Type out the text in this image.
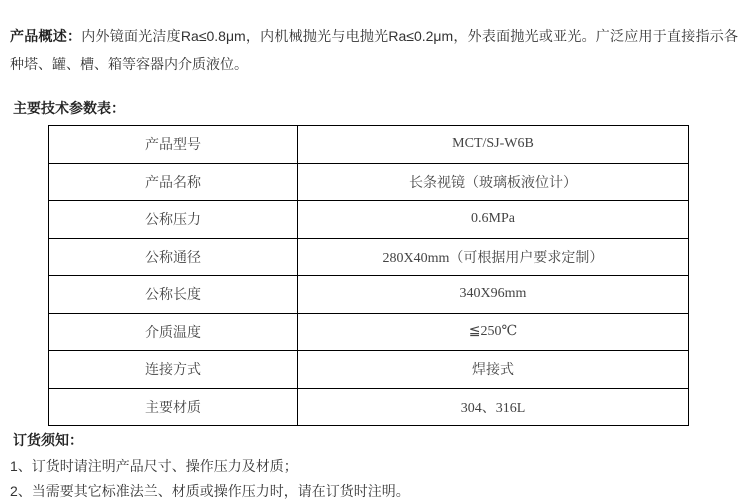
产品概述：内外镜面光洁度Ra≤0.8μm，内机械抛光与电抛光Ra≤0.2μm，外表面抛光或亚光。广泛应用于直接指示各种塔、罐、槽、箱等容器内介质液位。

主要技术参数表：
产品型号	MCT/SJ-W6B
产品名称	长条视镜（玻璃板液位计）
公称压力	0.6MPa
公称通径	280X40mm（可根据用户要求定制）
公称长度	340X96mm
介质温度	≦250℃
连接方式	焊接式
主要材质	304、316L
订货须知：
1、订货时请注明产品尺寸、操作压力及材质；
2、当需要其它标准法兰、材质或操作压力时，请在订货时注明。
